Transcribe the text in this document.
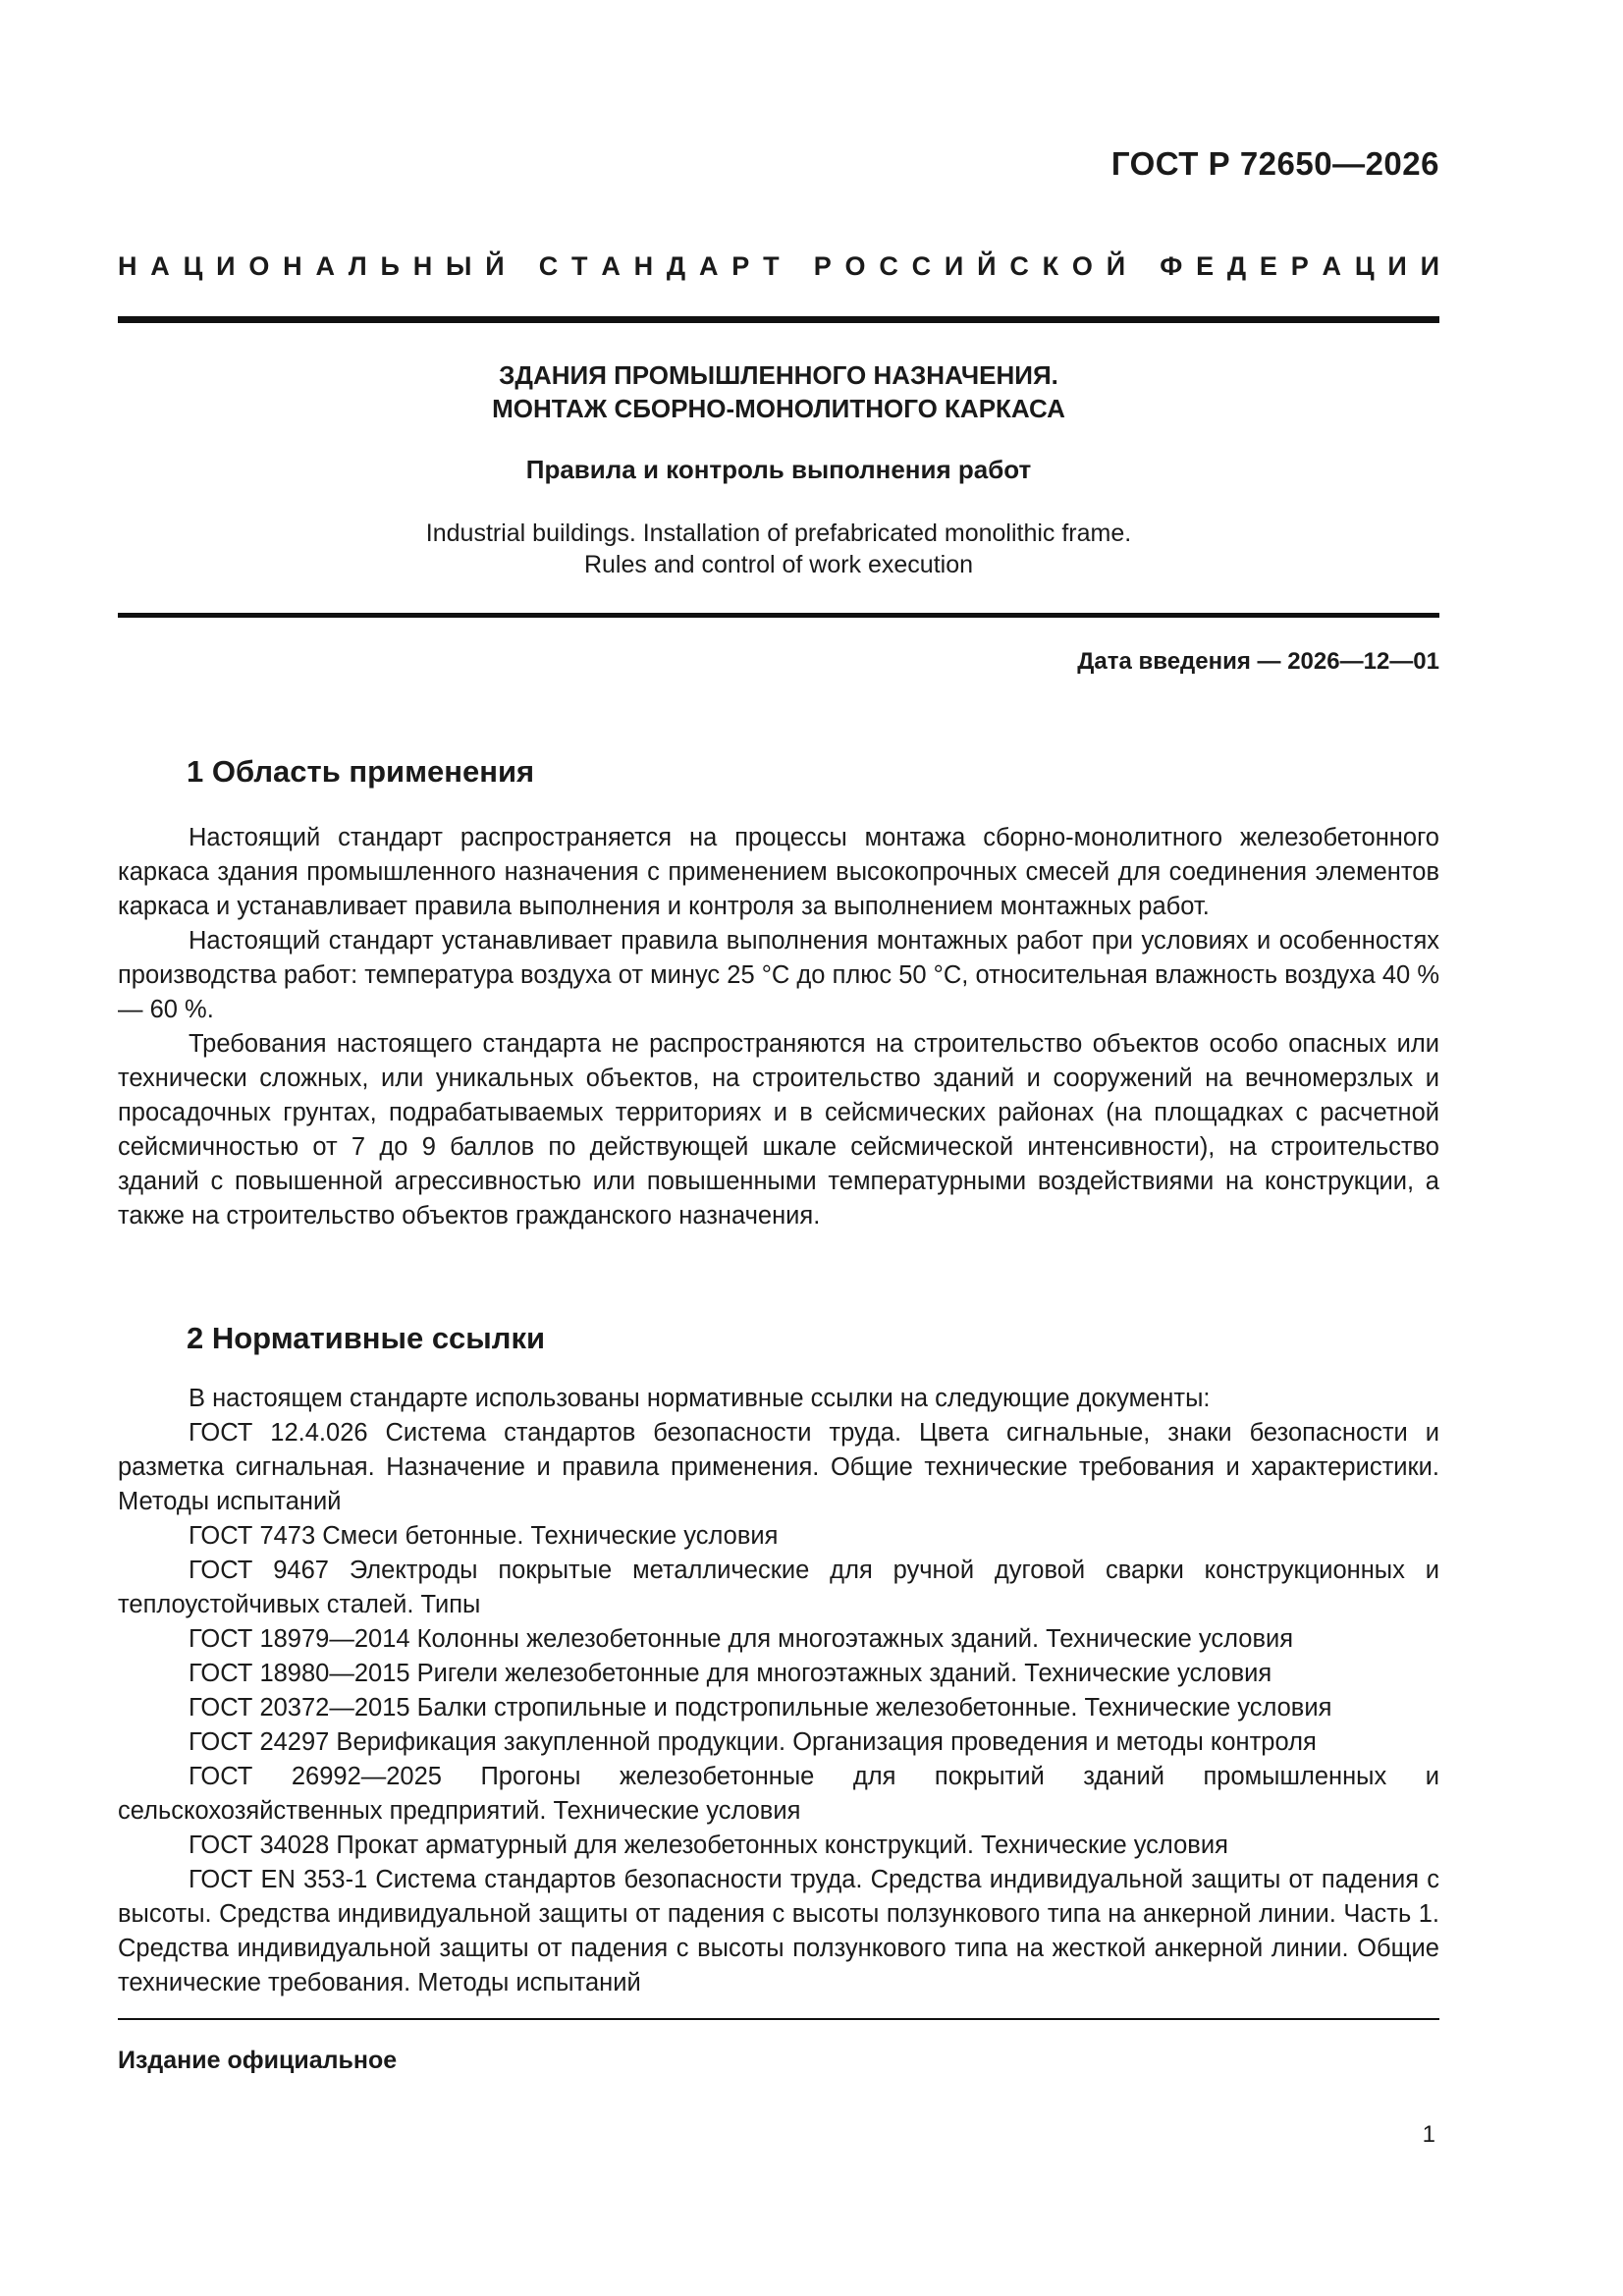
ГОСТ Р 72650—2026
Н А Ц И О Н А Л Ь Н Ы Й
С Т А Н Д А Р Т
Р О С С И Й С К О Й
Ф Е Д Е Р А Ц И И
ЗДАНИЯ ПРОМЫШЛЕННОГО НАЗНАЧЕНИЯ.
МОНТАЖ СБОРНО-МОНОЛИТНОГО КАРКАСА
Правила и контроль выполнения работ
Industrial buildings. Installation of prefabricated monolithic frame.
Rules and control of work execution
Дата введения — 2026—12—01
1 Область применения

Настоящий стандарт распространяется на процессы монтажа сборно-монолитного железобетонного каркаса здания промышленного назначения с применением высокопрочных смесей для соединения элементов каркаса и устанавливает правила выполнения и контроля за выполнением монтажных работ.

Настоящий стандарт устанавливает правила выполнения монтажных работ при условиях и особенностях производства работ: температура воздуха от минус 25 °С до плюс 50 °С, относительная влажность воздуха 40 % — 60 %.

Требования настоящего стандарта не распространяются на строительство объектов особо опасных или технически сложных, или уникальных объектов, на строительство зданий и сооружений на вечномерзлых и просадочных грунтах, подрабатываемых территориях и в сейсмических районах (на площадках с расчетной сейсмичностью от 7 до 9 баллов по действующей шкале сейсмической интенсивности), на строительство зданий с повышенной агрессивностью или повышенными температурными воздействиями на конструкции, а также на строительство объектов гражданского назначения.

2 Нормативные ссылки

В настоящем стандарте использованы нормативные ссылки на следующие документы:

ГОСТ 12.4.026 Система стандартов безопасности труда. Цвета сигнальные, знаки безопасности и разметка сигнальная. Назначение и правила применения. Общие технические требования и характеристики. Методы испытаний

ГОСТ 7473 Смеси бетонные. Технические условия

ГОСТ 9467 Электроды покрытые металлические для ручной дуговой сварки конструкционных и теплоустойчивых сталей. Типы

ГОСТ 18979—2014 Колонны железобетонные для многоэтажных зданий. Технические условия

ГОСТ 18980—2015 Ригели железобетонные для многоэтажных зданий. Технические условия

ГОСТ 20372—2015 Балки стропильные и подстропильные железобетонные. Технические условия

ГОСТ 24297 Верификация закупленной продукции. Организация проведения и методы контроля

ГОСТ 26992—2025 Прогоны железобетонные для покрытий зданий промышленных и сельскохозяйственных предприятий. Технические условия

ГОСТ 34028 Прокат арматурный для железобетонных конструкций. Технические условия

ГОСТ EN 353-1 Система стандартов безопасности труда. Средства индивидуальной защиты от падения с высоты. Средства индивидуальной защиты от падения с высоты ползункового типа на анкерной линии. Часть 1. Средства индивидуальной защиты от падения с высоты ползункового типа на жесткой анкерной линии. Общие технические требования. Методы испытаний

Издание официальное
1
